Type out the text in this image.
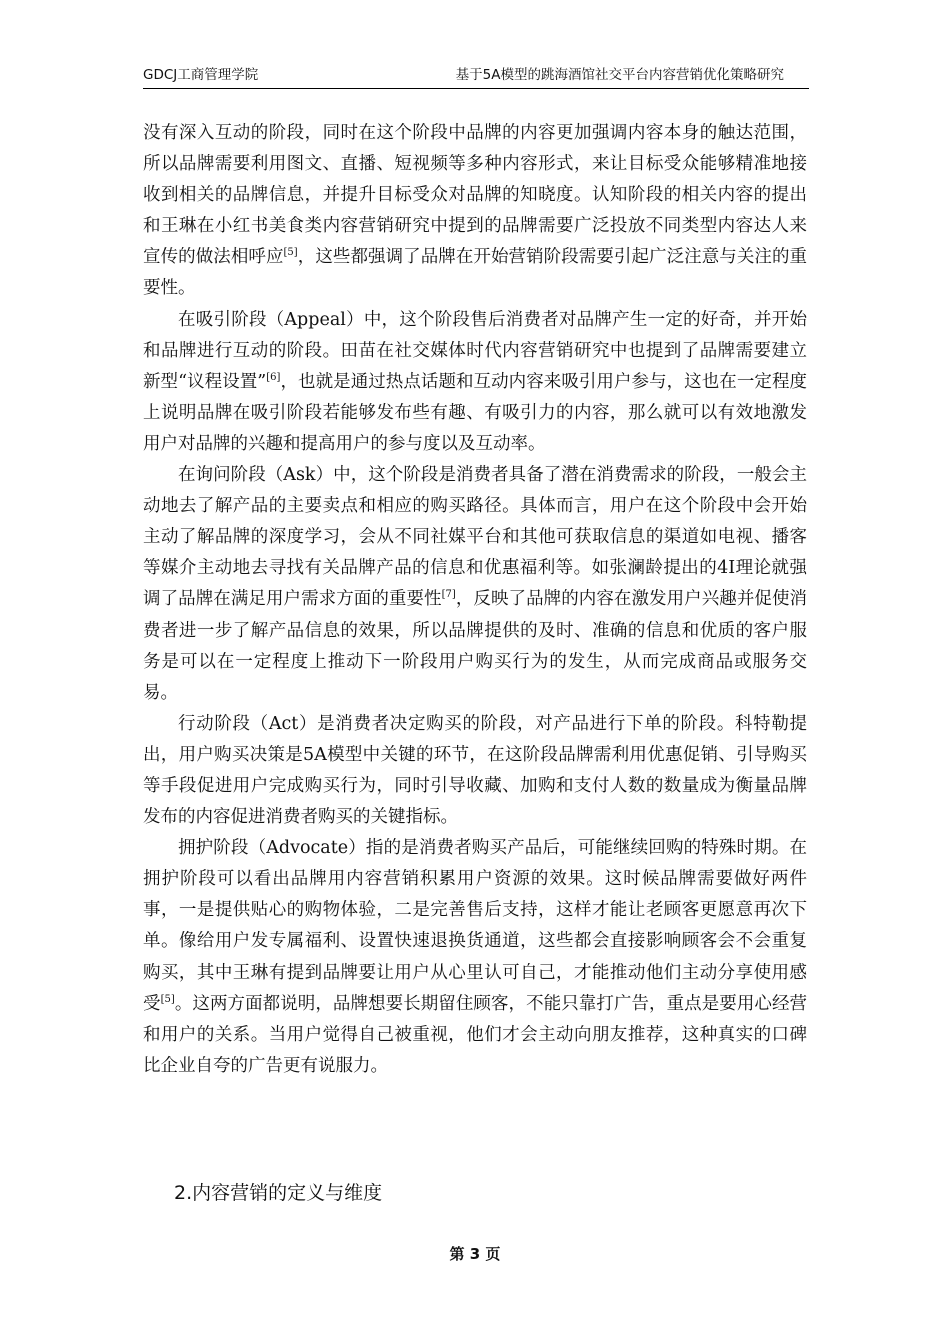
GDCJ工商管理学院	基于5A模型的跳海酒馆社交平台内容营销优化策略研究

没有深入互动的阶段，同时在这个阶段中品牌的内容更加强调内容本身的触达范围，所以品牌需要利用图文、直播、短视频等多种内容形式，来让目标受众能够精准地接收到相关的品牌信息，并提升目标受众对品牌的知晓度。认知阶段的相关内容的提出和王琳在小红书美食类内容营销研究中提到的品牌需要广泛投放不同类型内容达人来宣传的做法相呼应[5]，这些都强调了品牌在开始营销阶段需要引起广泛注意与关注的重要性。

在吸引阶段（Appeal）中，这个阶段售后消费者对品牌产生一定的好奇，并开始和品牌进行互动的阶段。田苗在社交媒体时代内容营销研究中也提到了品牌需要建立新型“议程设置”[6]，也就是通过热点话题和互动内容来吸引用户参与，这也在一定程度上说明品牌在吸引阶段若能够发布些有趣、有吸引力的内容，那么就可以有效地激发用户对品牌的兴趣和提高用户的参与度以及互动率。

在询问阶段（Ask）中，这个阶段是消费者具备了潜在消费需求的阶段，一般会主动地去了解产品的主要卖点和相应的购买路径。具体而言，用户在这个阶段中会开始主动了解品牌的深度学习，会从不同社媒平台和其他可获取信息的渠道如电视、播客等媒介主动地去寻找有关品牌产品的信息和优惠福利等。如张澜龄提出的4I理论就强调了品牌在满足用户需求方面的重要性[7]，反映了品牌的内容在激发用户兴趣并促使消费者进一步了解产品信息的效果，所以品牌提供的及时、准确的信息和优质的客户服务是可以在一定程度上推动下一阶段用户购买行为的发生，从而完成商品或服务交易。

行动阶段（Act）是消费者决定购买的阶段，对产品进行下单的阶段。科特勒提出，用户购买决策是5A模型中关键的环节，在这阶段品牌需利用优惠促销、引导购买等手段促进用户完成购买行为，同时引导收藏、加购和支付人数的数量成为衡量品牌发布的内容促进消费者购买的关键指标。

拥护阶段（Advocate）指的是消费者购买产品后，可能继续回购的特殊时期。在拥护阶段可以看出品牌用内容营销积累用户资源的效果。这时候品牌需要做好两件事，一是提供贴心的购物体验，二是完善售后支持，这样才能让老顾客更愿意再次下单。像给用户发专属福利、设置快速退换货通道，这些都会直接影响顾客会不会重复购买，其中王琳有提到品牌要让用户从心里认可自己，才能推动他们主动分享使用感受[5]。这两方面都说明，品牌想要长期留住顾客，不能只靠打广告，重点是要用心经营和用户的关系。当用户觉得自己被重视，他们才会主动向朋友推荐，这种真实的口碑比企业自夸的广告更有说服力。

2.内容营销的定义与维度
第 3 页
